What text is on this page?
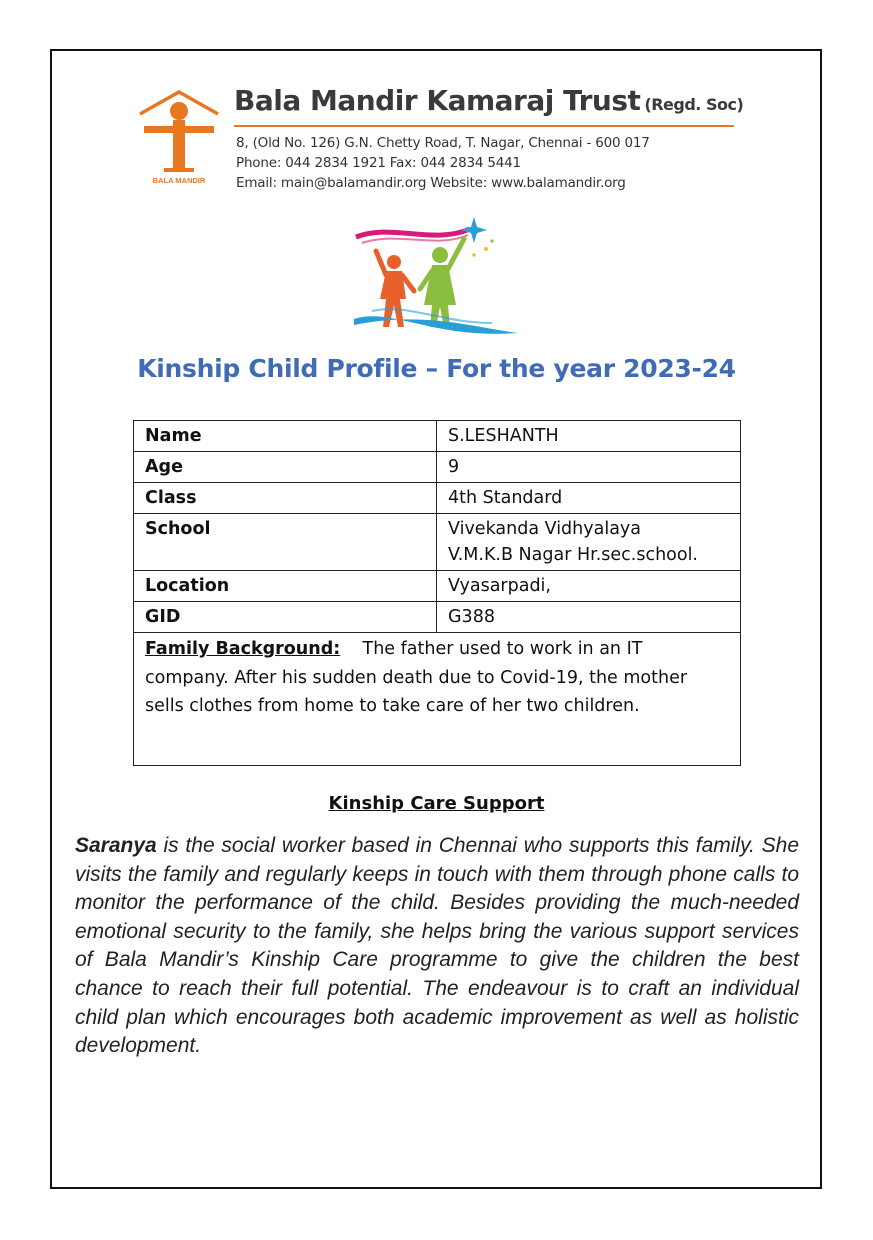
BALA MANDIR
Bala Mandir Kamaraj Trust (Regd. Soc)
8, (Old No. 126) G.N. Chetty Road, T. Nagar, Chennai - 600 017
Phone: 044 2834 1921 Fax: 044 2834 5441
Email: main@balamandir.org Website: www.balamandir.org
Kinship Child Profile – For the year 2023-24
Name	S.LESHANTH
Age	9
Class	4th Standard
School	Vivekanda Vidhyalaya
V.M.K.B Nagar Hr.sec.school.

Location	Vyasarpadi,
GID	G388
Family Background: The father used to work in an IT company. After his sudden death due to Covid-19, the mother sells clothes from home to take care of her two children.	
Kinship Care Support
Saranya is the social worker based in Chennai who supports this family. She visits the family and regularly keeps in touch with them through phone calls to monitor the performance of the child. Besides providing the much-needed emotional security to the family, she helps bring the various support services of Bala Mandir’s Kinship Care programme to give the children the best chance to reach their full potential. The endeavour is to craft an individual child plan which encourages both academic improvement as well as holistic development.
